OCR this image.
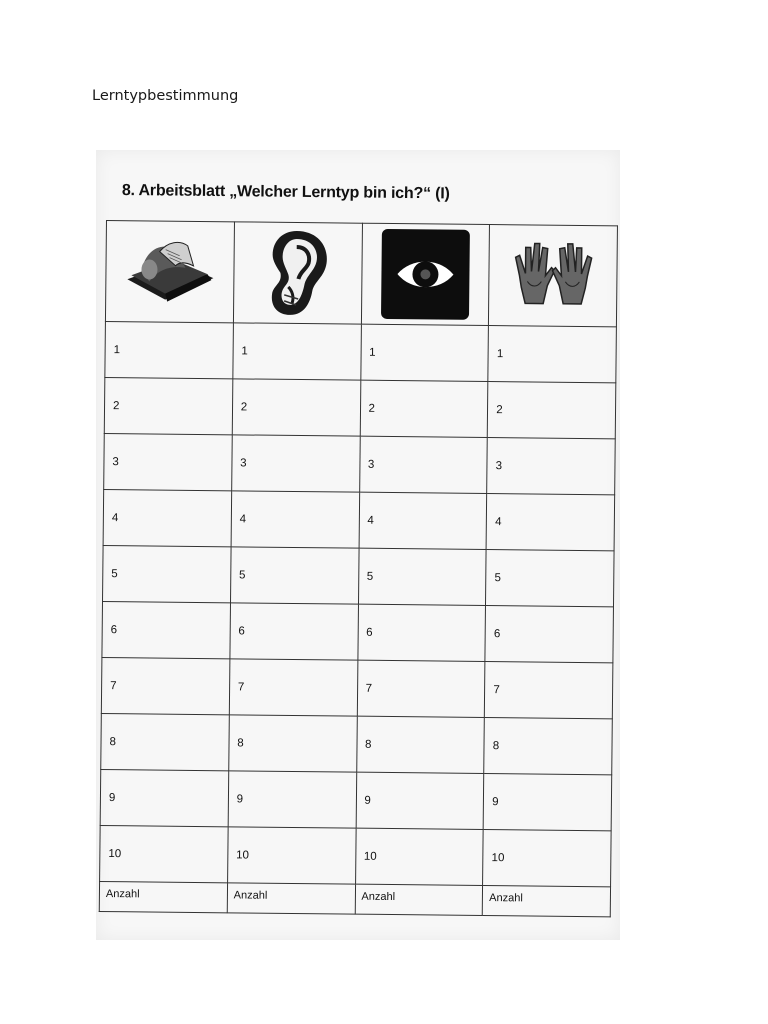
Lerntypbestimmung
8. Arbeitsblatt „Welcher Lerntyp bin ich?“ (I)

1	1	1	1
2	2	2	2
3	3	3	3
4	4	4	4
5	5	5	5
6	6	6	6
7	7	7	7
8	8	8	8
9	9	9	9
10	10	10	10
Anzahl	Anzahl	Anzahl	Anzahl
